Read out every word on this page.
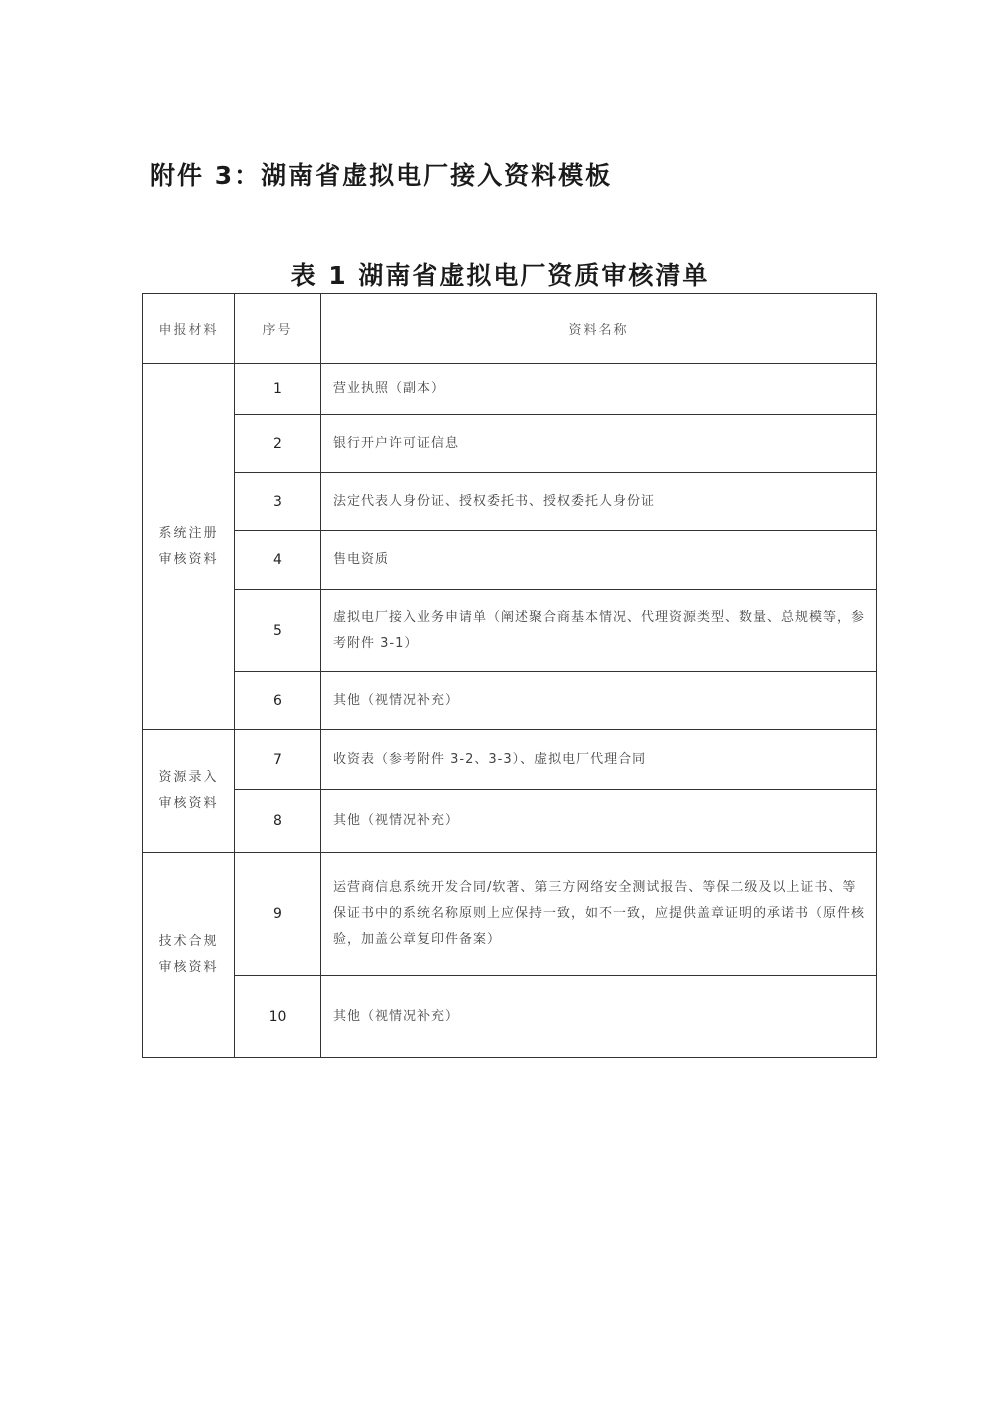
附件 3：湖南省虚拟电厂接入资料模板
表 1 湖南省虚拟电厂资质审核清单
申报材料	序号	资料名称
系统注册
审核资料	1	营业执照（副本）
	2	银行开户许可证信息
	3	法定代表人身份证、授权委托书、授权委托人身份证
	4	售电资质
	5	虚拟电厂接入业务申请单（阐述聚合商基本情况、代理资源类型、数量、总规模等，参考附件 3-1）
	6	其他（视情况补充）
资源录入
审核资料	7	收资表（参考附件 3-2、3-3）、虚拟电厂代理合同
	8	其他（视情况补充）
技术合规
审核资料	9	运营商信息系统开发合同/软著、第三方网络安全测试报告、等保二级及以上证书、等保证书中的系统名称原则上应保持一致，如不一致，应提供盖章证明的承诺书（原件核验，加盖公章复印件备案）
	10	其他（视情况补充）
